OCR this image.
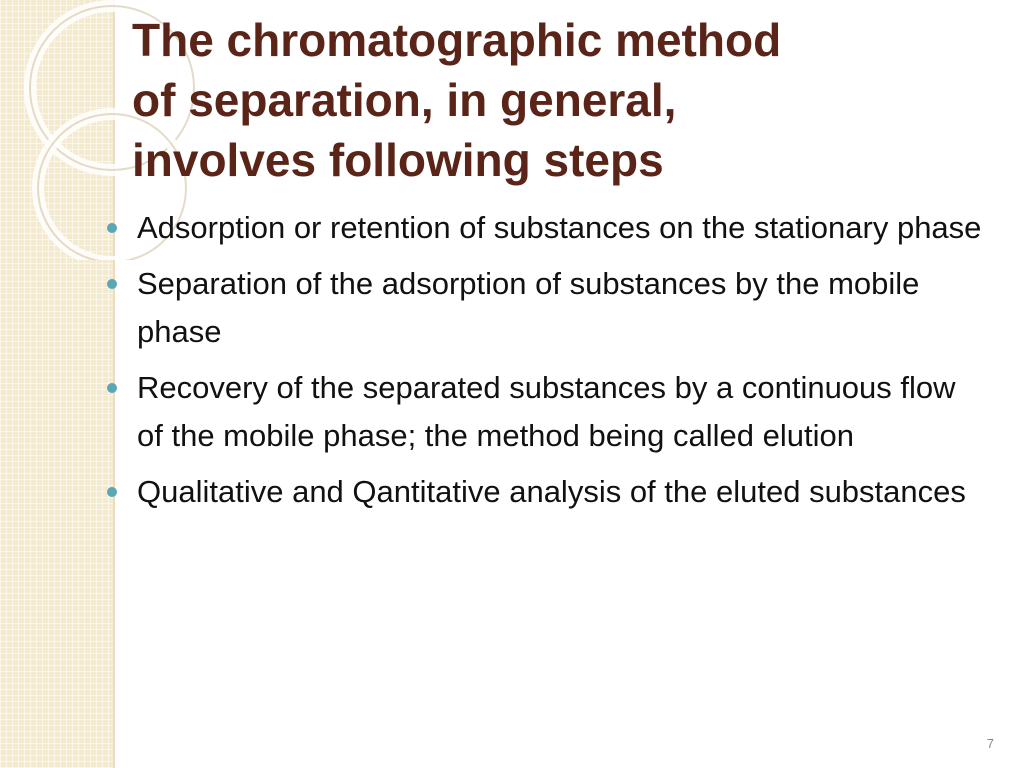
The chromatographic method
of separation, in general,
involves following steps
Adsorption or retention of substances on the stationary phase
Separation of the adsorption of substances by the mobile phase
Recovery of the separated substances by a continuous flow of the mobile phase; the method being called elution
Qualitative and Qantitative analysis of the eluted substances
7
